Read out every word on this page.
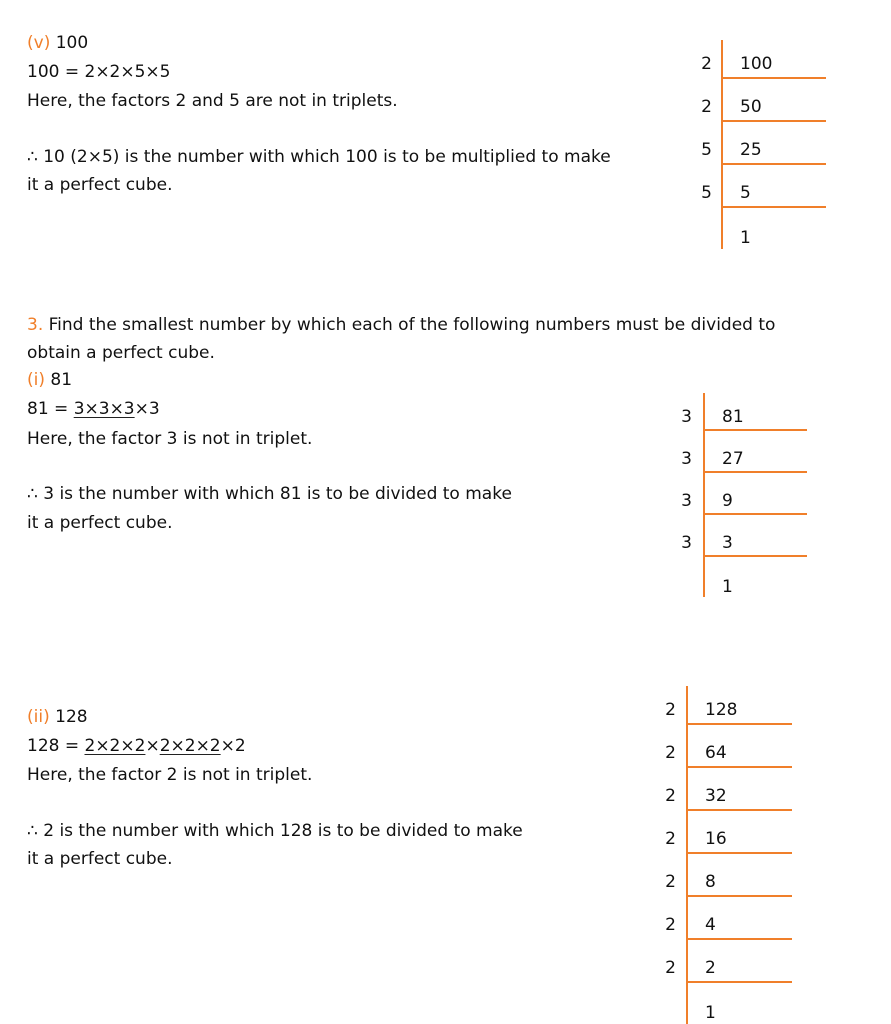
(v) 100
100 = 2×2×5×5
Here, the factors 2 and 5 are not in triplets.
∴ 10 (2×5) is the number with which 100 is to be multiplied to make
it a perfect cube.
3. Find the smallest number by which each of the following numbers must be divided to
obtain a perfect cube.
(i) 81
81 = 3×3×3×3
Here, the factor 3 is not in triplet.
∴ 3 is the number with which 81 is to be divided to make
it a perfect cube.
(ii) 128
128 = 2×2×2×2×2×2×2
Here, the factor 2 is not in triplet.
∴ 2 is the number with which 128 is to be divided to make
it a perfect cube.
2 100
2 50
5 25
5 5
1
3 81
3 27
3 9
3 3
1
2 128
2 64
2 32
2 16
2 8
2 4
2 2
1
